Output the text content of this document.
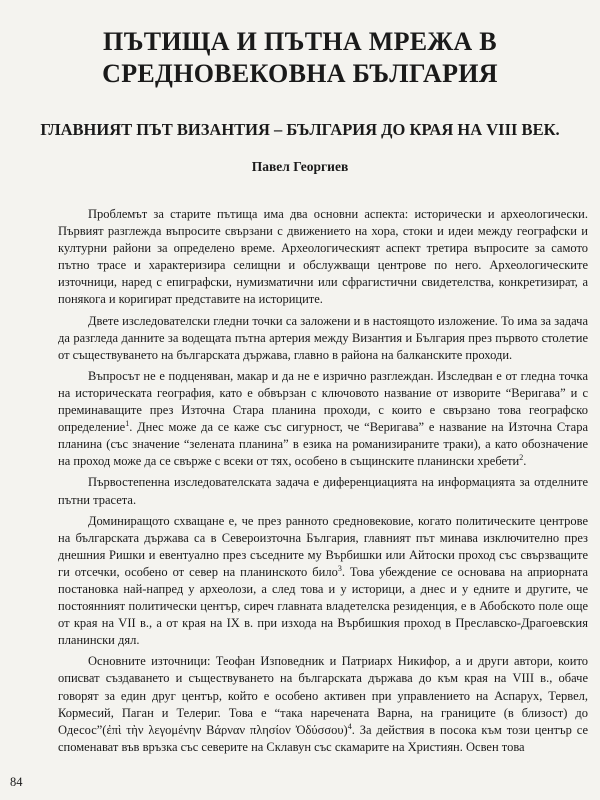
ПЪТИЩА И ПЪТНА МРЕЖА В
СРЕДНОВЕКОВНА БЪЛГАРИЯ
ГЛАВНИЯТ ПЪТ ВИЗАНТИЯ – БЪЛГАРИЯ ДО КРАЯ НА VIII ВЕК.

Павел Георгиев

Проблемът за старите пътища има два основни аспекта: исторически и археологически. Първият разглежда въпросите свързани с движението на хора, стоки и идеи между географски и културни райони за определено време. Археологическият аспект третира въпросите за самото пътно трасе и характеризира селищни и обслужващи центрове по него. Археологическите източници, наред с епиграфски, нумизматични или сфрагистични свидетелства, конкретизират, а понякога и коригират представите на историците.

Двете изследователски гледни точки са заложени и в настоящото изложение. То има за задача да разгледа данните за водещата пътна артерия между Византия и България през първото столетие от съществуването на българската държава, главно в района на балканските проходи.

Въпросът не е подценяван, макар и да не е изрично разглеждан. Изследван е от гледна точка на историческата география, като е обвързан с ключовото название от изворите “Веригава” и с преминаващите през Източна Стара планина проходи, с които е свързано това географско определение$^1$. Днес може да се каже със сигурност, че “Веригава” е название на Източна Стара планина (със значение “зелената планина” в езика на романизираните траки), а като обозначение на проход може да се свърже с всеки от тях, особено в същинските планински хребети$^2$.

Първостепенна изследователската задача е диференциацията на информацията за отделните пътни трасета.

Доминиращото схващане е, че през ранното средновековие, когато политическите центрове на българската държава са в Североизточна България, главният път минава изключително през днешния Ришки и евентуално през съседните му Върбишки или Айтоски проход със свързващите ги отсечки, особено от север на планинското било$^3$. Това убеждение се основава на априорната постановка най-напред у археолози, а след това и у историци, а днес и у едните и другите, че постоянният политически център, сиреч главната владетелска резиденция, е в Абобското поле още от края на VII в., а от края на IX в. при изхода на Върбишкия проход в Преславско-Драгоевския планински дял.

Основните източници: Теофан Изповедник и Патриарх Никифор, а и други автори, които описват създаването и съществуването на българската държава до към края на VIII в., обаче говорят за един друг център, който е особено активен при управлението на Аспарух, Тервел, Кормесий, Паган и Телериг. Това е “така наречената Варна, на границите (в близост) до Одесос”(ἐπὶ τὴν λεγομένην Βάρναν πλησίον Ὀδύσσου)$^4$. За действия в посока към този център се споменават във връзка със северите на Склавун със скамарите на Християн. Освен това

84
